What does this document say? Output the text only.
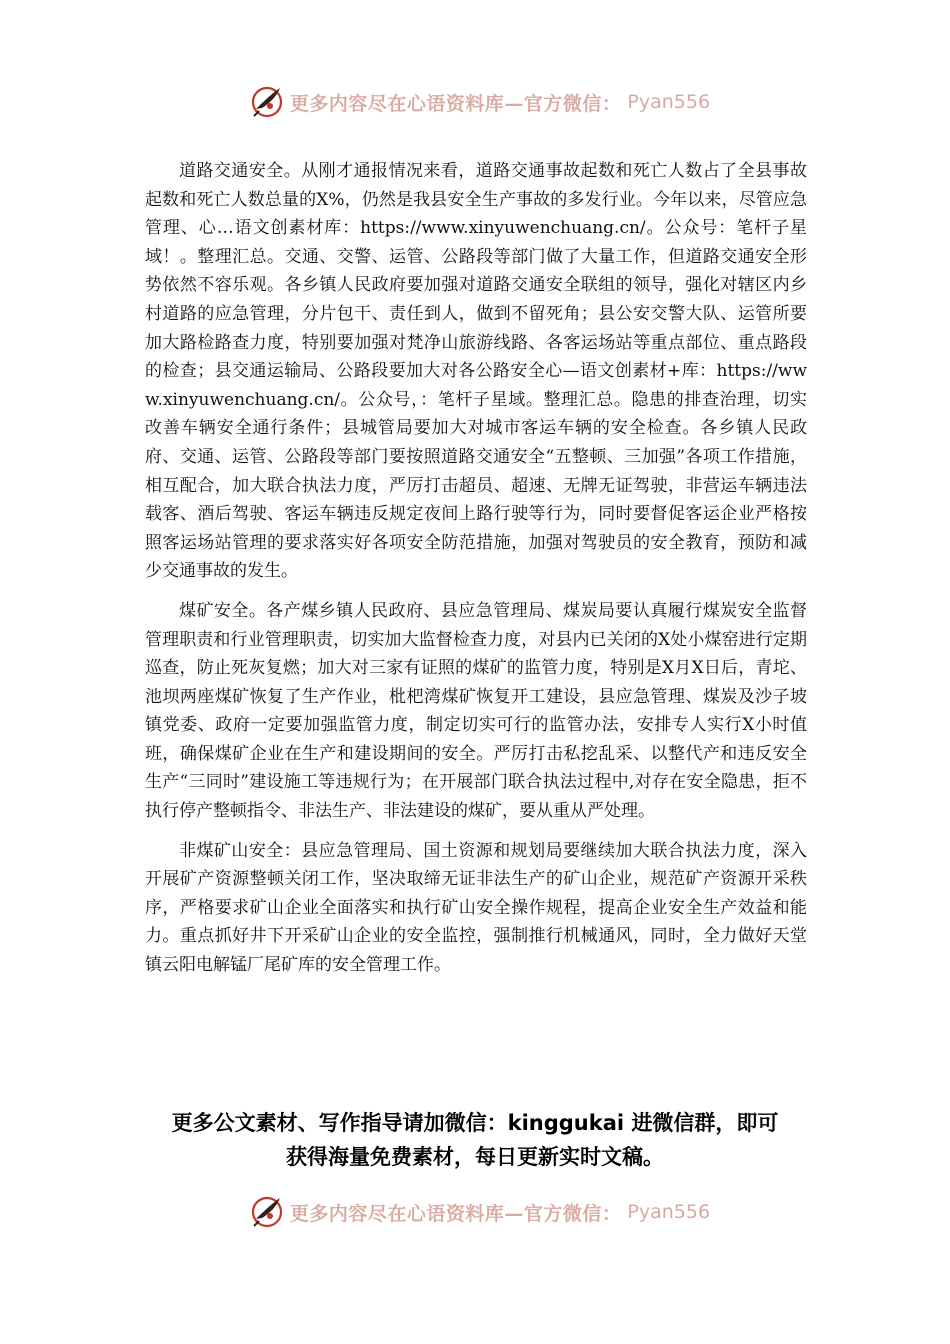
更多内容尽在心语资料库—官方微信： Pyan556

道路交通安全。从刚才通报情况来看，道路交通事故起数和死亡人数占了全县事故起数和死亡人数总量的X%，仍然是我县安全生产事故的多发行业。今年以来，尽管应急管理、心…语文创素材库：https://www.xinyuwenchuang.cn/。公众号：笔杆子星域！。整理汇总。交通、交警、运管、公路段等部门做了大量工作，但道路交通安全形势依然不容乐观。各乡镇人民政府要加强对道路交通安全联组的领导，强化对辖区内乡村道路的应急管理，分片包干、责任到人，做到不留死角；县公安交警大队、运管所要加大路检路查力度，特别要加强对梵净山旅游线路、各客运场站等重点部位、重点路段的检查；县交通运输局、公路段要加大对各公路安全心—语文创素材+库：https://www.xinyuwenchuang.cn/。公众号，：笔杆子星域。整理汇总。隐患的排查治理，切实改善车辆安全通行条件；县城管局要加大对城市客运车辆的安全检查。各乡镇人民政府、交通、运管、公路段等部门要按照道路交通安全“五整顿、三加强”各项工作措施，相互配合，加大联合执法力度，严厉打击超员、超速、无牌无证驾驶，非营运车辆违法载客、酒后驾驶、客运车辆违反规定夜间上路行驶等行为，同时要督促客运企业严格按照客运场站管理的要求落实好各项安全防范措施，加强对驾驶员的安全教育，预防和减少交通事故的发生。

煤矿安全。各产煤乡镇人民政府、县应急管理局、煤炭局要认真履行煤炭安全监督管理职责和行业管理职责，切实加大监督检查力度，对县内已关闭的X处小煤窑进行定期巡查，防止死灰复燃；加大对三家有证照的煤矿的监管力度，特别是X月X日后，青坨、池坝两座煤矿恢复了生产作业，枇杷湾煤矿恢复开工建设，县应急管理、煤炭及沙子坡镇党委、政府一定要加强监管力度，制定切实可行的监管办法，安排专人实行X小时值班，确保煤矿企业在生产和建设期间的安全。严厉打击私挖乱采、以整代产和违反安全生产“三同时”建设施工等违规行为；在开展部门联合执法过程中,对存在安全隐患，拒不执行停产整顿指令、非法生产、非法建设的煤矿，要从重从严处理。

非煤矿山安全：县应急管理局、国土资源和规划局要继续加大联合执法力度，深入开展矿产资源整顿关闭工作，坚决取缔无证非法生产的矿山企业，规范矿产资源开采秩序，严格要求矿山企业全面落实和执行矿山安全操作规程，提高企业安全生产效益和能力。重点抓好井下开采矿山企业的安全监控，强制推行机械通风，同时，全力做好天堂镇云阳电解锰厂尾矿库的安全管理工作。

更多公文素材、写作指导请加微信：kinggukai 进微信群，即可
获得海量免费素材，每日更新实时文稿。
更多内容尽在心语资料库—官方微信： Pyan556
